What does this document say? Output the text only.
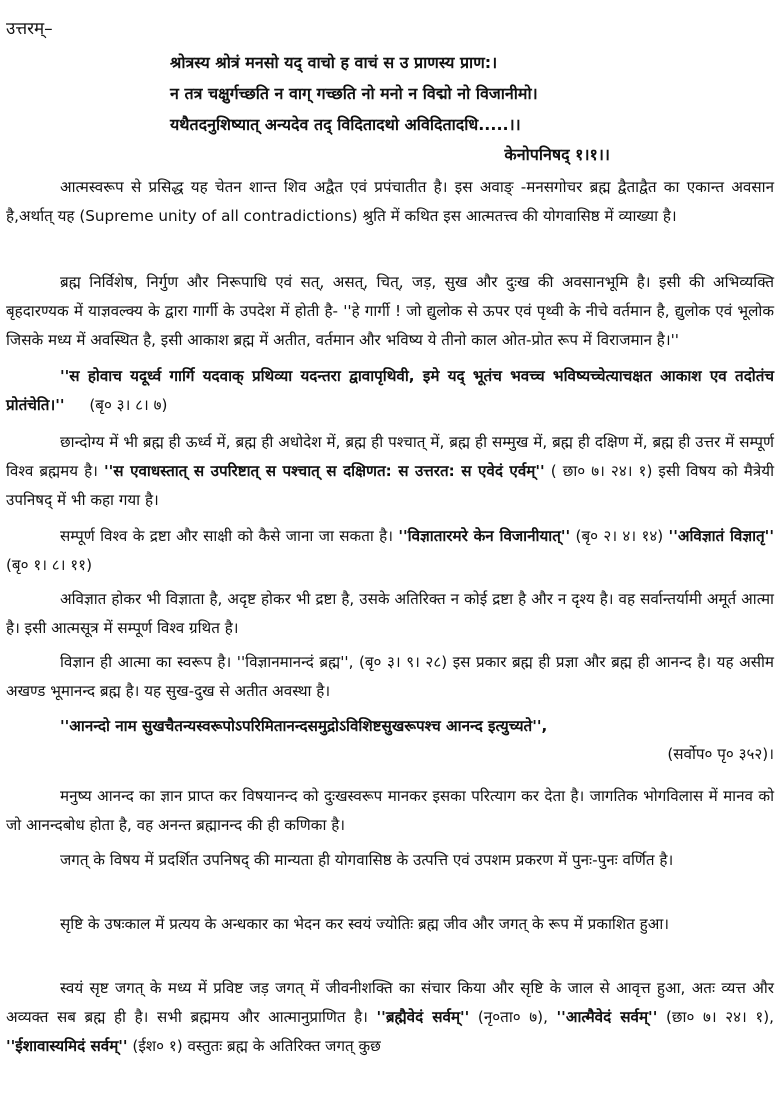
उत्तरम्–
श्रोत्रस्य श्रोत्रं मनसो यद् वाचो ह वाचं स उ प्राणस्य प्राण:।
न तत्र चक्षुर्गच्छति न वाग् गच्छति नो मनो न विद्मो नो विजानीमो।
यथैतदनुशिष्यात् अन्यदेव तद् विदितादथो अविदितादधि.....।।
केनोपनिषद् १।१।।

आत्मस्वरूप से प्रसिद्ध यह चेतन शान्त शिव अद्वैत एवं प्रपंचातीत है। इस अवाङ् -मनसगोचर ब्रह्म द्वैताद्वैत का एकान्त अवसान है,अर्थात् यह (Supreme unity of all contradictions) श्रुति में कथित इस आत्मतत्त्व की योगवासिष्ठ में व्याख्या है।

ब्रह्म निर्विशेष, निर्गुण और निरूपाधि एवं सत्, असत्, चित्, जड़, सुख और दुःख की अवसानभूमि है। इसी की अभिव्यक्ति बृहदारण्यक में याज्ञवल्क्य के द्वारा गार्गी के उपदेश में होती है- ''हे गार्गी ! जो द्युलोक से ऊपर एवं पृथ्वी के नीचे वर्तमान है, द्युलोक एवं भूलोक जिसके मध्य में अवस्थित है, इसी आकाश ब्रह्म में अतीत, वर्तमान और भविष्य ये तीनो काल ओत-प्रोत रूप में विराजमान है।''

''स होवाच यदूर्ध्व गार्गि यदवाक् प्रथिव्या यदन्तरा द्वावापृथिवी, इमे यद् भूतंच भवच्च भविष्यच्चेत्याचक्षत आकाश एव तदोतंच प्रोतंचेति।'' (बृ० ३। ८। ७)

छान्दोग्य में भी ब्रह्म ही ऊर्ध्व में, ब्रह्म ही अधोदेश में, ब्रह्म ही पश्चात् में, ब्रह्म ही सम्मुख में, ब्रह्म ही दक्षिण में, ब्रह्म ही उत्तर में सम्पूर्ण विश्व ब्रह्ममय है। ''स एवाधस्तात् स उपरिष्टात् स पश्चात् स दक्षिणत: स उत्तरत: स एवेदं एर्वम्'' ( छा० ७। २४। १) इसी विषय को मैत्रेयी उपनिषद् में भी कहा गया है।

सम्पूर्ण विश्व के द्रष्टा और साक्षी को कैसे जाना जा सकता है। ''विज्ञातारमरे केन विजानीयात्'' (बृ० २। ४। १४) ''अविज्ञातं विज्ञातृ'' (बृ० १। ८। ११)

अविज्ञात होकर भी विज्ञाता है, अदृष्ट होकर भी द्रष्टा है, उसके अतिरिक्त न कोई द्रष्टा है और न दृश्य है। वह सर्वान्तर्यामी अमूर्त आत्मा है। इसी आत्मसूत्र में सम्पूर्ण विश्व ग्रथित है।

विज्ञान ही आत्मा का स्वरूप है। ''विज्ञानमानन्दं ब्रह्म'', (बृ० ३। ९। २८) इस प्रकार ब्रह्म ही प्रज्ञा और ब्रह्म ही आनन्द है। यह असीम अखण्ड भूमानन्द ब्रह्म है। यह सुख-दुख से अतीत अवस्था है।

''आनन्दो नाम सुखचैतन्यस्वरूपोऽपरिमितानन्दसमुद्रोऽविशिष्टसुखरूपश्च आनन्द इत्युच्यते'',

(सर्वोप० पृ० ३५२)।

मनुष्य आनन्द का ज्ञान प्राप्त कर विषयानन्द को दुःखस्वरूप मानकर इसका परित्याग कर देता है। जागतिक भोगविलास में मानव को जो आनन्दबोध होता है, वह अनन्त ब्रह्मानन्द की ही कणिका है।

जगत् के विषय में प्रदर्शित उपनिषद् की मान्यता ही योगवासिष्ठ के उत्पत्ति एवं उपशम प्रकरण में पुनः-पुनः वर्णित है।

सृष्टि के उषःकाल में प्रत्यय के अन्धकार का भेदन कर स्वयं ज्योतिः ब्रह्म जीव और जगत् के रूप में प्रकाशित हुआ।

स्वयं सृष्ट जगत् के मध्य में प्रविष्ट जड़ जगत् में जीवनीशक्ति का संचार किया और सृष्टि के जाल से आवृत्त हुआ, अतः व्यत्त और अव्यक्त सब ब्रह्म ही है। सभी ब्रह्ममय और आत्मानुप्राणित है। ''ब्रह्मैवेदं सर्वम्'' (नृ०ता० ७), ''आत्मैवेदं सर्वम्'' (छा० ७। २४। १), ''ईशावास्यमिदं सर्वम्'' (ईश० १) वस्तुतः ब्रह्म के अतिरिक्त जगत् कुछ
